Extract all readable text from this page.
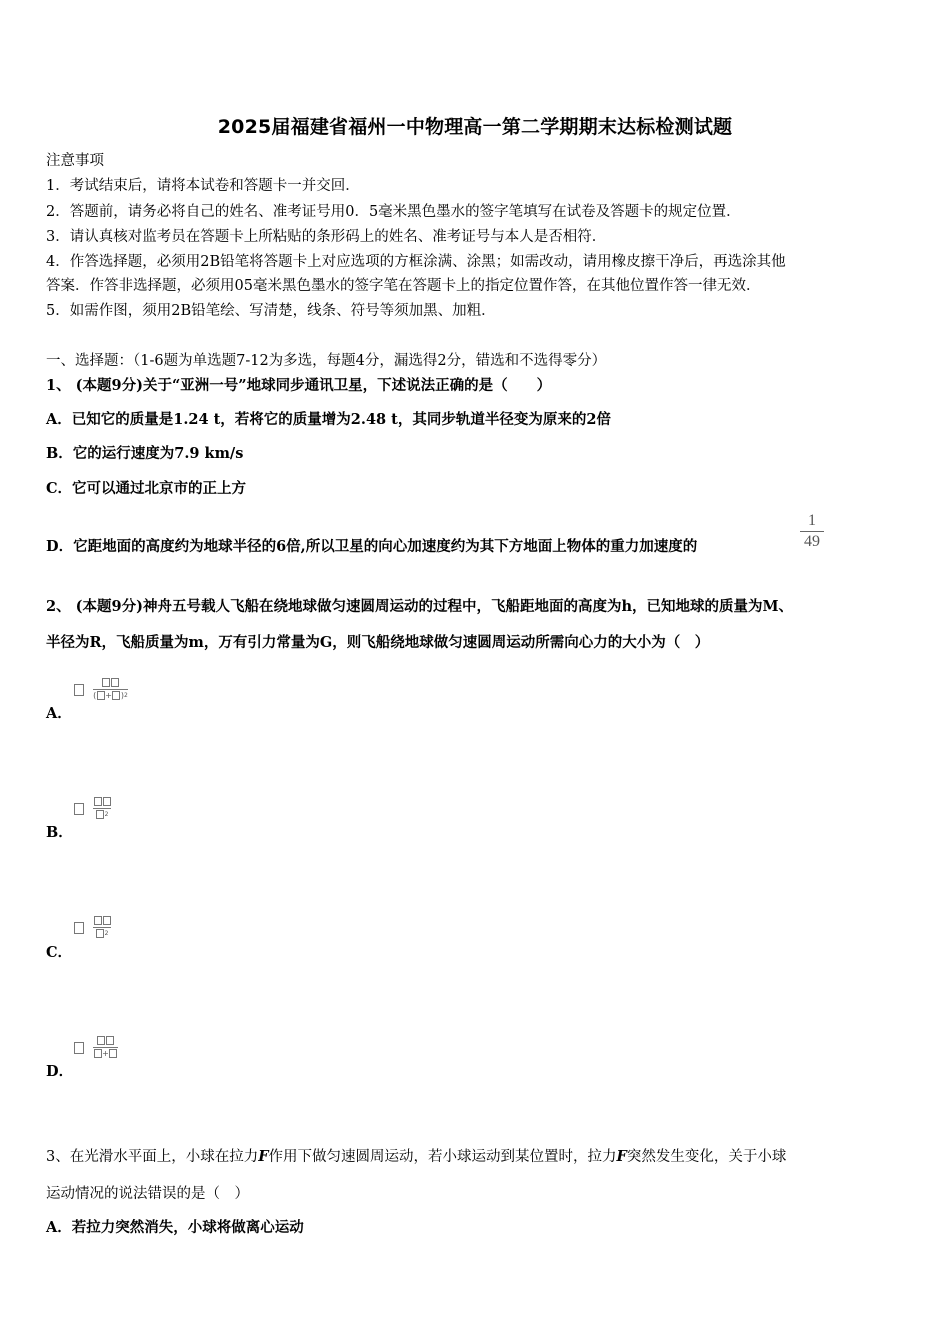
2025届福建省福州一中物理高一第二学期期末达标检测试题
注意事项
1．考试结束后，请将本试卷和答题卡一并交回．
2．答题前，请务必将自己的姓名、准考证号用0．5毫米黑色墨水的签字笔填写在试卷及答题卡的规定位置．
3．请认真核对监考员在答题卡上所粘贴的条形码上的姓名、准考证号与本人是否相符．
4．作答选择题，必须用2B铅笔将答题卡上对应选项的方框涂满、涂黑；如需改动，请用橡皮擦干净后，再选涂其他
答案．作答非选择题，必须用05毫米黑色墨水的签字笔在答题卡上的指定位置作答，在其他位置作答一律无效．
5．如需作图，须用2B铅笔绘、写清楚，线条、符号等须加黑、加粗．
一、选择题：（1-6题为单选题7-12为多选，每题4分，漏选得2分，错选和不选得零分）
1、 (本题9分)关于“亚洲一号”地球同步通讯卫星，下述说法正确的是（　　）
A．已知它的质量是1.24 t，若将它的质量增为2.48 t，其同步轨道半径变为原来的2倍
B．它的运行速度为7.9 km/s
C．它可以通过北京市的正上方
D．它距地面的高度约为地球半径的6倍,所以卫星的向心加速度约为其下方地面上物体的重力加速度的
1
49
2、 (本题9分)神舟五号载人飞船在绕地球做匀速圆周运动的过程中，飞船距地面的高度为h，已知地球的质量为M、
半径为R，飞船质量为m，万有引力常量为G，则飞船绕地球做匀速圆周运动所需向心力的大小为（　）

( + )$^2$
A．

$^2$
B．

$^2$
C．

+
D．
3、在光滑水平面上，小球在拉力F作用下做匀速圆周运动，若小球运动到某位置时，拉力F突然发生变化，关于小球
运动情况的说法错误的是（　）
A．若拉力突然消失，小球将做离心运动
